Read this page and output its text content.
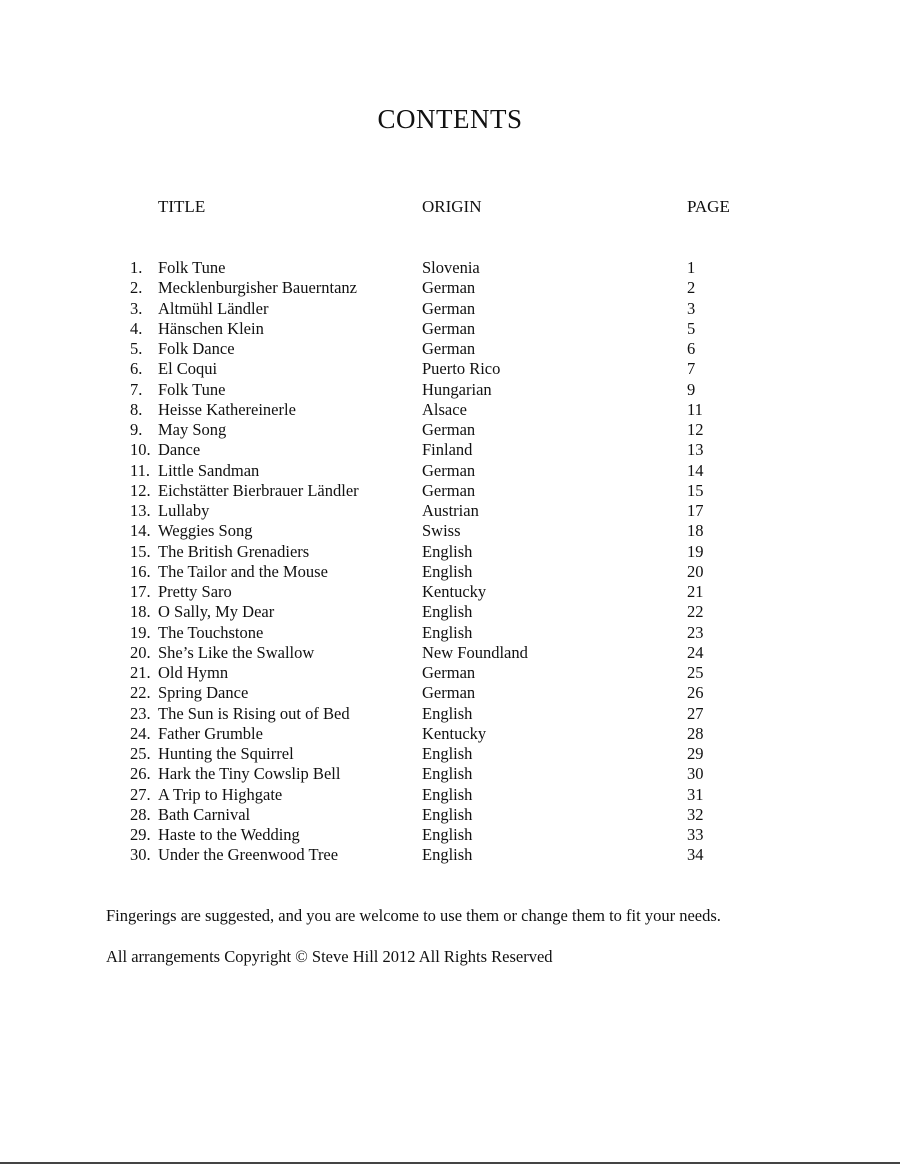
CONTENTS
TITLE	ORIGIN	PAGE
1. Folk Tune	Slovenia	1
2. Mecklenburgisher Bauerntanz	German	2
3. Altmühl Ländler	German	3
4. Hänschen Klein	German	5
5. Folk Dance	German	6
6. El Coqui	Puerto Rico	7
7. Folk Tune	Hungarian	9
8. Heisse Kathereinerle	Alsace	11
9. May Song	German	12
10. Dance	Finland	13
11. Little Sandman	German	14
12. Eichstätter Bierbrauer Ländler	German	15
13. Lullaby	Austrian	17
14. Weggies Song	Swiss	18
15. The British Grenadiers	English	19
16. The Tailor and the Mouse	English	20
17. Pretty Saro	Kentucky	21
18. O Sally, My Dear	English	22
19. The Touchstone	English	23
20. She’s Like the Swallow	New Foundland	24
21. Old Hymn	German	25
22. Spring Dance	German	26
23. The Sun is Rising out of Bed	English	27
24. Father Grumble	Kentucky	28
25. Hunting the Squirrel	English	29
26. Hark the Tiny Cowslip Bell	English	30
27. A Trip to Highgate	English	31
28. Bath Carnival	English	32
29. Haste to the Wedding	English	33
30. Under the Greenwood Tree	English	34
Fingerings are suggested, and you are welcome to use them or change them to fit your needs.
All arrangements Copyright © Steve Hill 2012 All Rights Reserved
